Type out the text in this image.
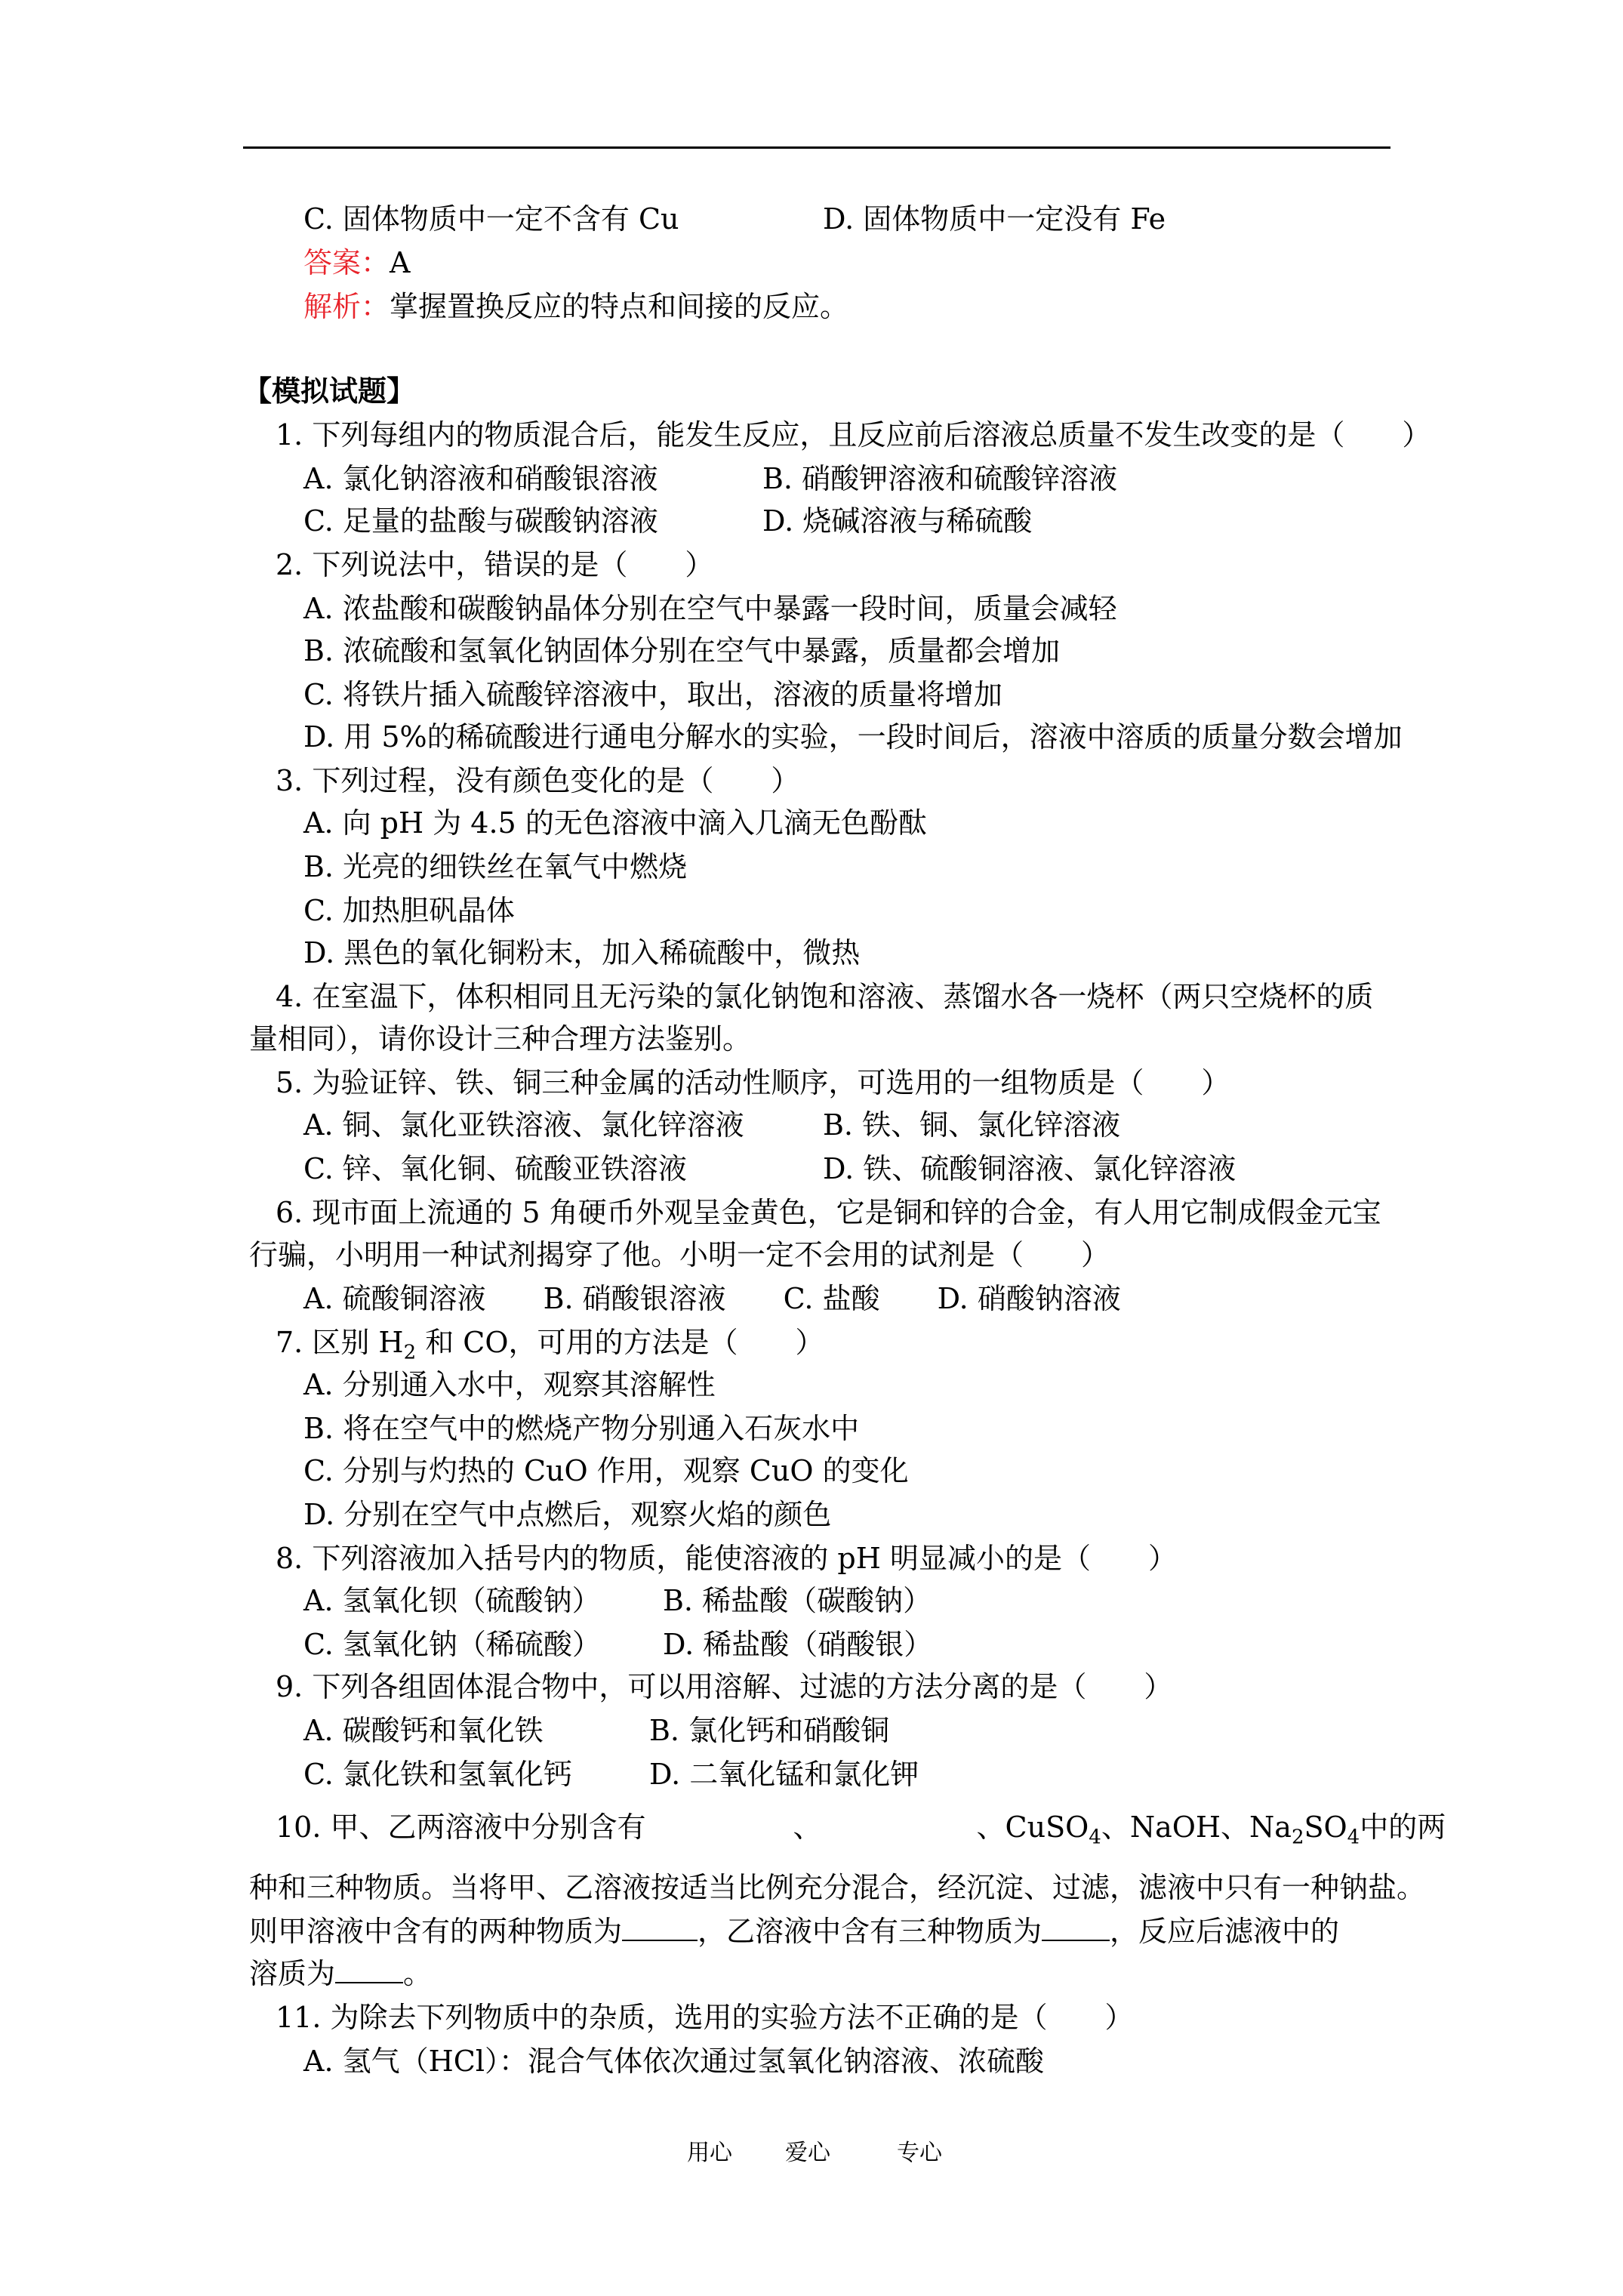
C. 固体物质中一定不含有 Cu	D. 固体物质中一定没有 Fe
答案：A
解析：掌握置换反应的特点和间接的反应。
【模拟试题】
1. 下列每组内的物质混合后，能发生反应，且反应前后溶液总质量不发生改变的是（　　）
A. 氯化钠溶液和硝酸银溶液	B. 硝酸钾溶液和硫酸锌溶液
C. 足量的盐酸与碳酸钠溶液	D. 烧碱溶液与稀硫酸
2. 下列说法中，错误的是（　　）
A. 浓盐酸和碳酸钠晶体分别在空气中暴露一段时间，质量会减轻
B. 浓硫酸和氢氧化钠固体分别在空气中暴露，质量都会增加
C. 将铁片插入硫酸锌溶液中，取出，溶液的质量将增加
D. 用 5%的稀硫酸进行通电分解水的实验，一段时间后，溶液中溶质的质量分数会增加
3. 下列过程，没有颜色变化的是（　　）
A. 向 pH 为 4.5 的无色溶液中滴入几滴无色酚酞
B. 光亮的细铁丝在氧气中燃烧
C. 加热胆矾晶体
D. 黑色的氧化铜粉末，加入稀硫酸中，微热
4. 在室温下，体积相同且无污染的氯化钠饱和溶液、蒸馏水各一烧杯（两只空烧杯的质
量相同），请你设计三种合理方法鉴别。
5. 为验证锌、铁、铜三种金属的活动性顺序，可选用的一组物质是（　　）
A. 铜、氯化亚铁溶液、氯化锌溶液	B. 铁、铜、氯化锌溶液
C. 锌、氧化铜、硫酸亚铁溶液	D. 铁、硫酸铜溶液、氯化锌溶液
6. 现市面上流通的 5 角硬币外观呈金黄色，它是铜和锌的合金，有人用它制成假金元宝
行骗，小明用一种试剂揭穿了他。小明一定不会用的试剂是（　　）
A. 硫酸铜溶液　　B. 硝酸银溶液　　C. 盐酸　　D. 硝酸钠溶液
7. 区别 $H_2$ 和 CO，可用的方法是（　　）
A. 分别通入水中，观察其溶解性
B. 将在空气中的燃烧产物分别通入石灰水中
C. 分别与灼热的 CuO 作用，观察 CuO 的变化
D. 分别在空气中点燃后，观察火焰的颜色
8. 下列溶液加入括号内的物质，能使溶液的 pH 明显减小的是（　　）
A. 氢氧化钡（硫酸钠） B. 稀盐酸（碳酸钠）
C. 氢氧化钠（稀硫酸） D. 稀盐酸（硝酸银）
9. 下列各组固体混合物中，可以用溶解、过滤的方法分离的是（　　）
A. 碳酸钙和氧化铁	B. 氯化钙和硝酸铜
C. 氯化铁和氢氧化钙	D. 二氧化锰和氯化钾
10. 甲、乙两溶液中分别含有	、	、CuSO$_4$、NaOH、$Na_2SO_4$中的两
种和三种物质。当将甲、乙溶液按适当比例充分混合，经沉淀、过滤，滤液中只有一种钠盐。
则甲溶液中含有的两种物质为	，乙溶液中含有三种物质为 ，反应后滤液中的
溶质为 。
11. 为除去下列物质中的杂质，选用的实验方法不正确的是（　　）
A. 氢气（HCl）：混合气体依次通过氢氧化钠溶液、浓硫酸
用心 爱心	专心
